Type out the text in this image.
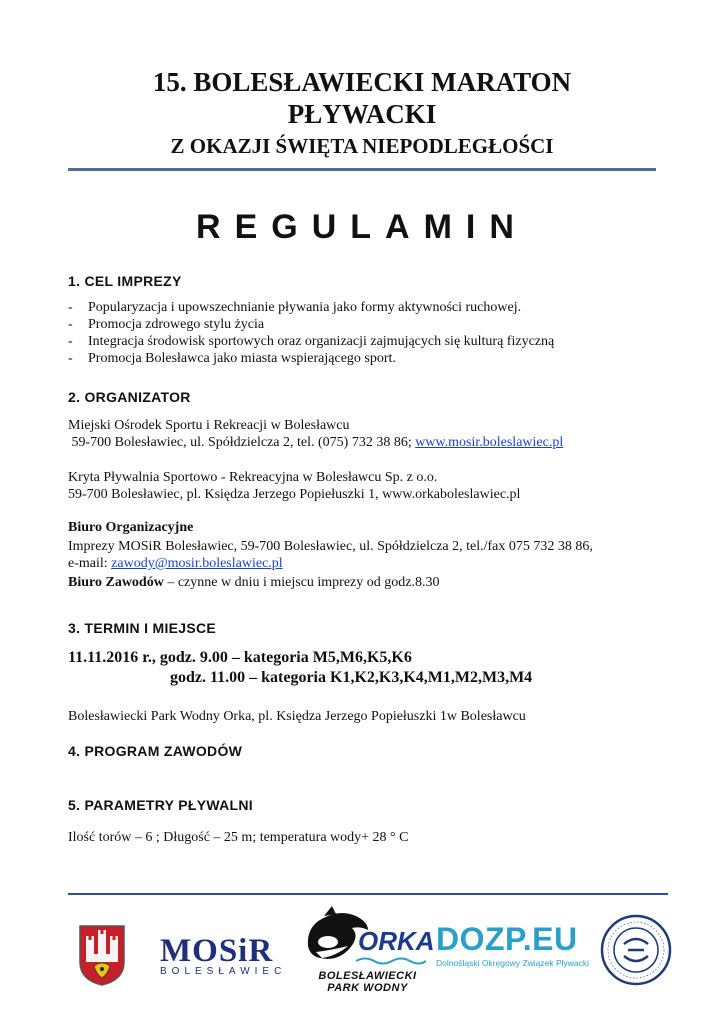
15. BOLESŁAWIECKI MARATON
PŁYWACKI
Z OKAZJI ŚWIĘTA NIEPODLEGŁOŚCI
REGULAMIN
1. CEL IMPREZY
-	Popularyzacja i upowszechnianie pływania jako formy aktywności ruchowej.
-	Promocja zdrowego stylu życia
-	Integracja środowisk sportowych oraz organizacji zajmujących się kulturą fizyczną
-	Promocja Bolesławca jako miasta wspierającego sport.
2. ORGANIZATOR
Miejski Ośrodek Sportu i Rekreacji w Bolesławcu
59-700 Bolesławiec, ul. Spółdzielcza 2, tel. (075) 732 38 86; www.mosir.boleslawiec.pl
Kryta Pływalnia Sportowo - Rekreacyjna w Bolesławcu Sp. z o.o.
59-700 Bolesławiec, pl. Księdza Jerzego Popiełuszki 1, www.orkaboleslawiec.pl
Biuro Organizacyjne
Imprezy MOSiR Bolesławiec, 59-700 Bolesławiec, ul. Spółdzielcza 2, tel./fax 075 732 38 86,
e-mail: zawody@mosir.boleslawiec.pl
Biuro Zawodów – czynne w dniu i miejscu imprezy od godz.8.30
3. TERMIN I MIEJSCE
11.11.2016 r., godz. 9.00 – kategoria M5,M6,K5,K6
godz. 11.00 – kategoria K1,K2,K3,K4,M1,M2,M3,M4
Bolesławiecki Park Wodny Orka, pl. Księdza Jerzego Popiełuszki 1w Bolesławcu
4. PROGRAM ZAWODÓW
5. PARAMETRY PŁYWALNI
Ilość torów – 6 ; Długość – 25 m; temperatura wody+ 28 ° C
MOSiR
BOLESŁAWIEC
ORKA
BOLESŁAWIECKI
PARK WODNY
DOZP.EU
Dolnośląski Okręgowy Związek Pływacki
